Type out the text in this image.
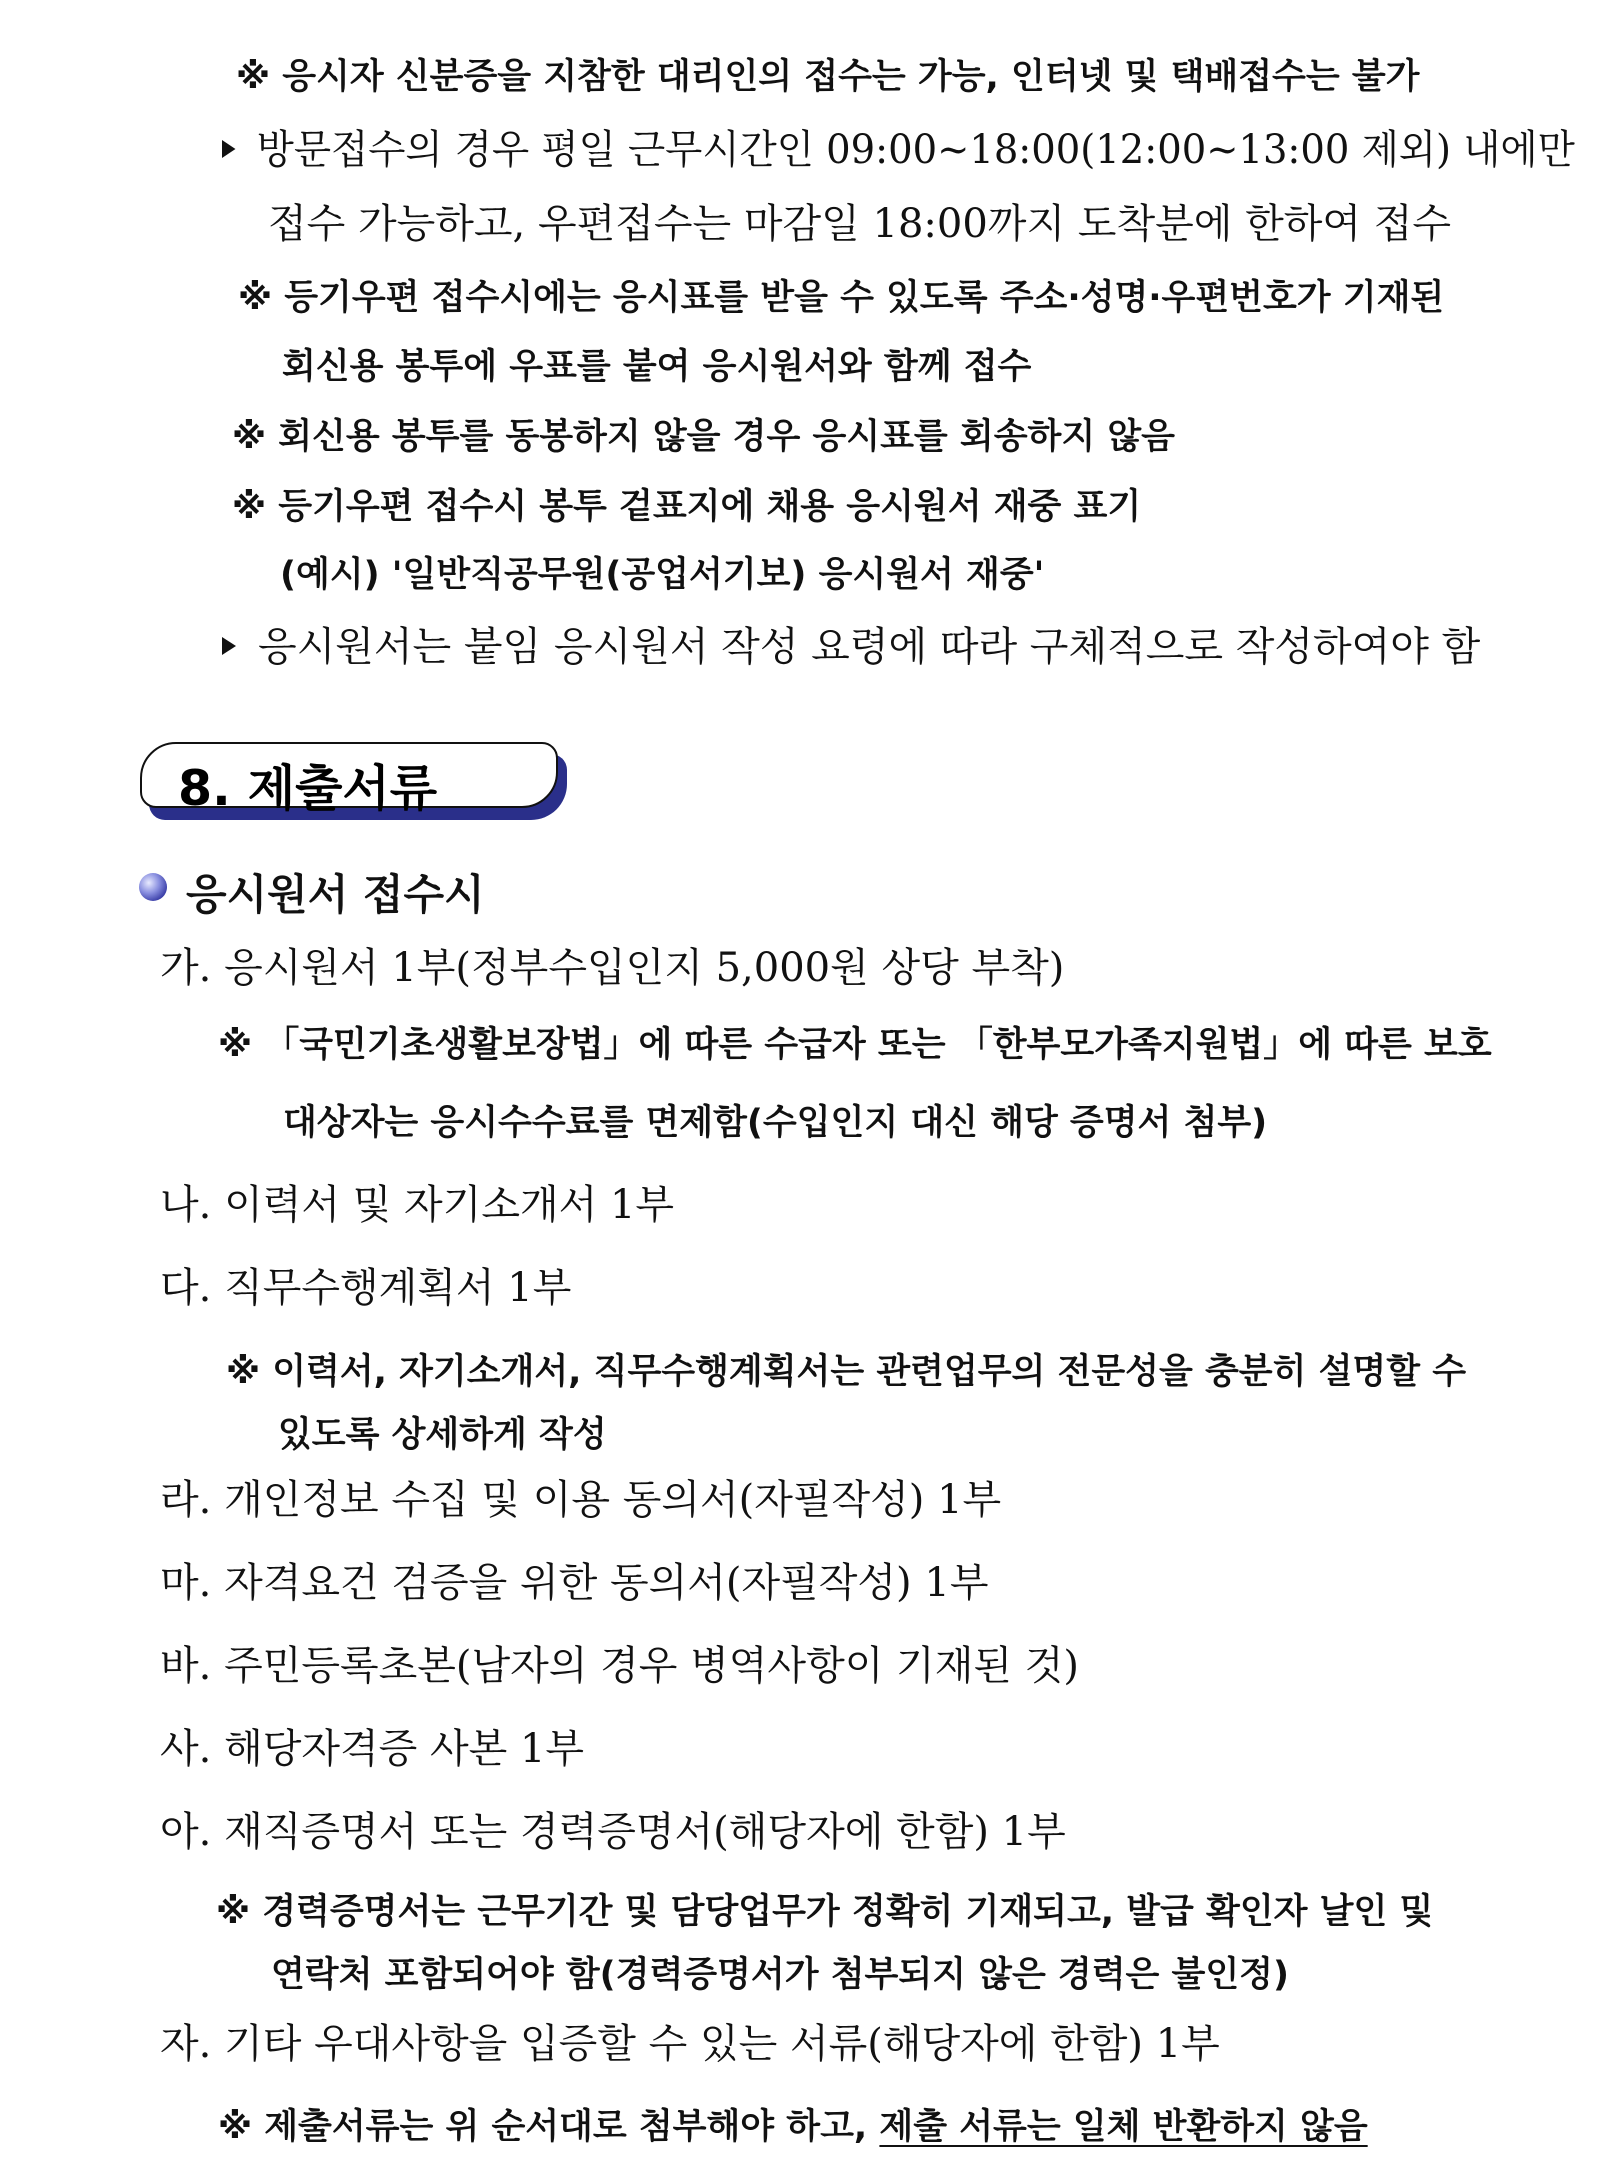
※ 응시자 신분증을 지참한 대리인의 접수는 가능, 인터넷 및 택배접수는 불가
방문접수의 경우 평일 근무시간인 09:00~18:00(12:00~13:00 제외) 내에만
접수 가능하고, 우편접수는 마감일 18:00까지 도착분에 한하여 접수
※ 등기우편 접수시에는 응시표를 받을 수 있도록 주소·성명·우편번호가 기재된
회신용 봉투에 우표를 붙여 응시원서와 함께 접수
※ 회신용 봉투를 동봉하지 않을 경우 응시표를 회송하지 않음
※ 등기우편 접수시 봉투 겉표지에 채용 응시원서 재중 표기
(예시) '일반직공무원(공업서기보) 응시원서 재중'
응시원서는 붙임 응시원서 작성 요령에 따라 구체적으로 작성하여야 함
8. 제출서류
응시원서 접수시
가. 응시원서 1부(정부수입인지 5,000원 상당 부착)
※ 「국민기초생활보장법」에 따른 수급자 또는 「한부모가족지원법」에 따른 보호
대상자는 응시수수료를 면제함(수입인지 대신 해당 증명서 첨부)
나. 이력서 및 자기소개서 1부
다. 직무수행계획서 1부
※ 이력서, 자기소개서, 직무수행계획서는 관련업무의 전문성을 충분히 설명할 수
있도록 상세하게 작성
라. 개인정보 수집 및 이용 동의서(자필작성) 1부
마. 자격요건 검증을 위한 동의서(자필작성) 1부
바. 주민등록초본(남자의 경우 병역사항이 기재된 것)
사. 해당자격증 사본 1부
아. 재직증명서 또는 경력증명서(해당자에 한함) 1부
※ 경력증명서는 근무기간 및 담당업무가 정확히 기재되고, 발급 확인자 날인 및
연락처 포함되어야 함(경력증명서가 첨부되지 않은 경력은 불인정)
자. 기타 우대사항을 입증할 수 있는 서류(해당자에 한함) 1부
※ 제출서류는 위 순서대로 첨부해야 하고, 제출 서류는 일체 반환하지 않음
